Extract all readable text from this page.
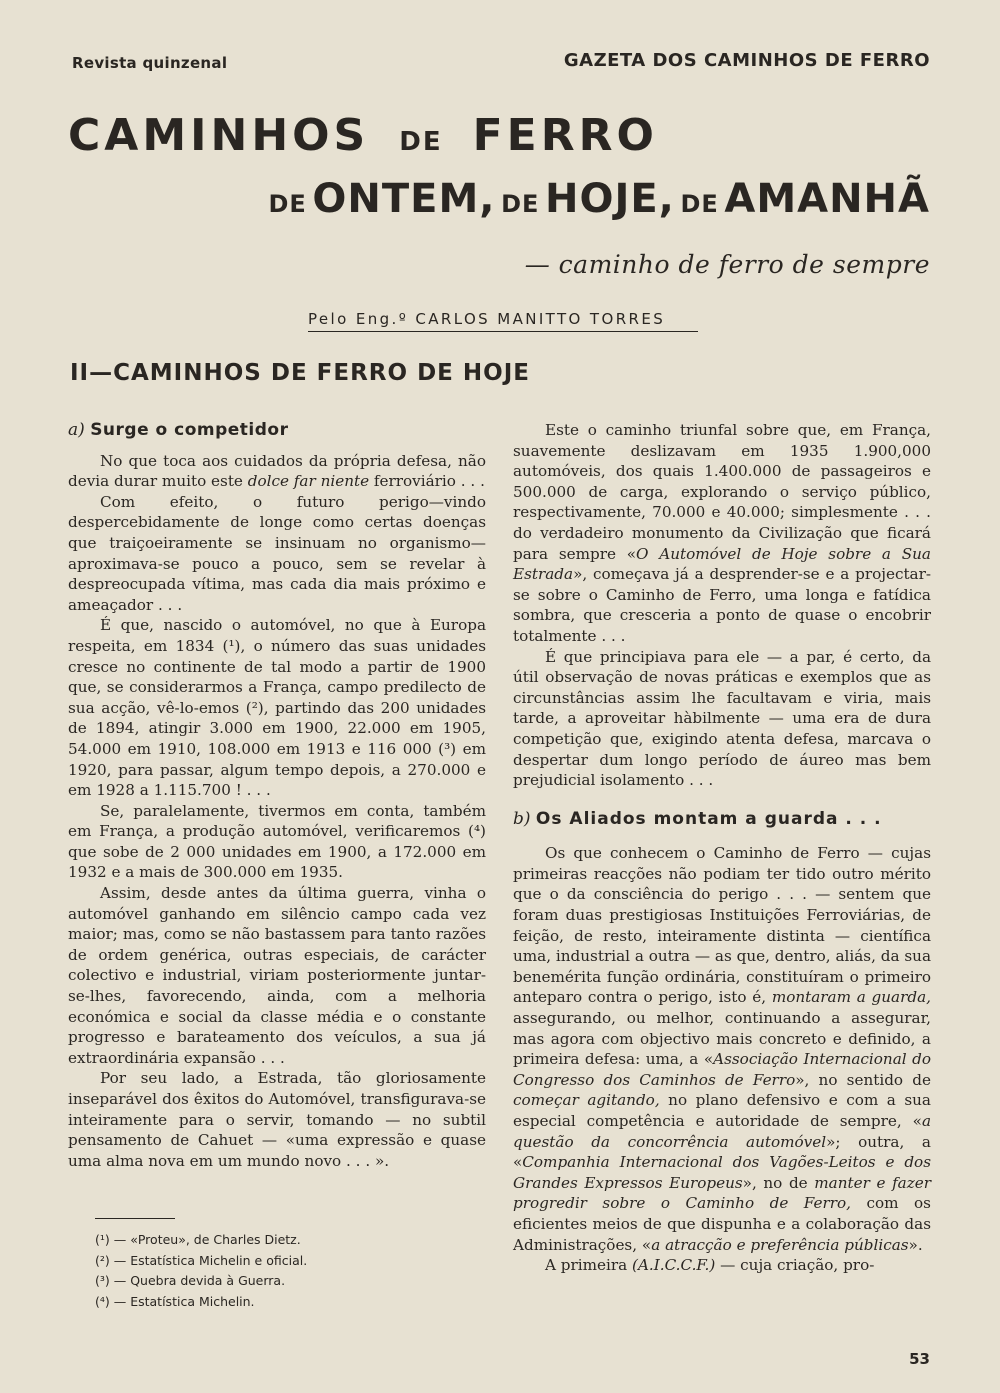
Revista quinzenal	GAZETA DOS CAMINHOS DE FERRO
CAMINHOS DE FERRO
DE ONTEM, DE HOJE, DE AMANHÃ
— caminho de ferro de sempre
Pelo Eng.º CARLOS MANITTO TORRES
II—CAMINHOS DE FERRO DE HOJE
a) Surge o competidor

No que toca aos cuidados da própria defesa, não devia durar muito este dolce far niente ferroviário . . .

Com efeito, o futuro perigo—vindo despercebidamente de longe como certas doenças que traiçoeiramente se insinuam no organismo—aproximava-se pouco a pouco, sem se revelar à despreocupada vítima, mas cada dia mais próximo e ameaçador . . .

É que, nascido o automóvel, no que à Europa respeita, em 1834 (¹), o número das suas unidades cresce no continente de tal modo a partir de 1900 que, se considerarmos a França, campo predilecto de sua acção, vê-lo-emos (²), partindo das 200 unidades de 1894, atingir 3.000 em 1900, 22.000 em 1905, 54.000 em 1910, 108.000 em 1913 e 116 000 (³) em 1920, para passar, algum tempo depois, a 270.000 e em 1928 a 1.115.700 ! . . .

Se, paralelamente, tivermos em conta, também em França, a produção automóvel, verificaremos (⁴) que sobe de 2 000 unidades em 1900, a 172.000 em 1932 e a mais de 300.000 em 1935.

Assim, desde antes da última guerra, vinha o automóvel ganhando em silêncio campo cada vez maior; mas, como se não bastassem para tanto razões de ordem genérica, outras especiais, de carácter colectivo e industrial, viriam posteriormente juntar-se-lhes, favorecendo, ainda, com a melhoria económica e social da classe média e o constante progresso e barateamento dos veículos, a sua já extraordinária expansão . . .

Por seu lado, a Estrada, tão gloriosamente inseparável dos êxitos do Automóvel, transfigurava-se inteiramente para o servir, tomando — no subtil pensamento de Cahuet — «uma expressão e quase uma alma nova em um mundo novo . . . ».

(¹) — «Proteu», de Charles Dietz.
(²) — Estatística Michelin e oficial.
(³) — Quebra devida à Guerra.
(⁴) — Estatística Michelin.

Este o caminho triunfal sobre que, em França, suavemente deslizavam em 1935 1.900,000 automóveis, dos quais 1.400.000 de passageiros e 500.000 de carga, explorando o serviço público, respectivamente, 70.000 e 40.000; simplesmente . . . do verdadeiro monumento da Civilização que ficará para sempre «O Automóvel de Hoje sobre a Sua Estrada», começava já a desprender-se e a projectar-se sobre o Caminho de Ferro, uma longa e fatídica sombra, que cresceria a ponto de quase o encobrir totalmente . . .

É que principiava para ele — a par, é certo, da útil observação de novas práticas e exemplos que as circunstâncias assim lhe facultavam e viria, mais tarde, a aproveitar hàbilmente — uma era de dura competição que, exigindo atenta defesa, marcava o despertar dum longo período de áureo mas bem prejudicial isolamento . . .

b) Os Aliados montam a guarda . . .

Os que conhecem o Caminho de Ferro — cujas primeiras reacções não podiam ter tido outro mérito que o da consciência do perigo . . . — sentem que foram duas prestigiosas Instituições Ferroviárias, de feição, de resto, inteiramente distinta — científica uma, industrial a outra — as que, dentro, aliás, da sua benemérita função ordinária, constituíram o primeiro anteparo contra o perigo, isto é, montaram a guarda, assegurando, ou melhor, continuando a assegurar, mas agora com objectivo mais concreto e definido, a primeira defesa: uma, a «Associação Internacional do Congresso dos Caminhos de Ferro», no sentido de começar agitando, no plano defensivo e com a sua especial competência e autoridade de sempre, «a questão da concorrência automóvel»; outra, a «Companhia Internacional dos Vagões-Leitos e dos Grandes Expressos Europeus», no de manter e fazer progredir sobre o Caminho de Ferro, com os eficientes meios de que dispunha e a colaboração das Administrações, «a atracção e preferência públicas».

A primeira (A.I.C.C.F.) — cuja criação, pro-

53
